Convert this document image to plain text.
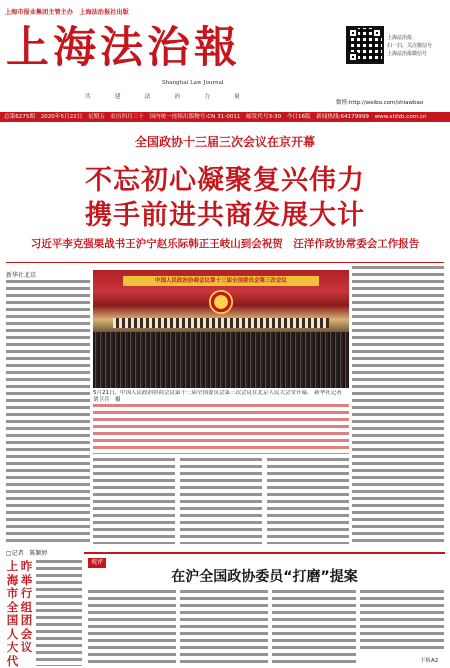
上海市报业集团主管主办　上海法治报社出版
上海法治報
Shanghai Law Journal
共建法治力量
上海法治报
扫一扫，关注微信号
上海法治报微信号
微博:http://weibo.com/shlawbao
总第6275期　2020年5月22日　星期五　农历四月三十　国内统一连续出版物号:CN 31-0011　邮发代号3-30　今日16版　新闻热线:64179999　www.shfzb.com.cn
全国政协十三届三次会议在京开幕
不忘初心凝聚复兴伟力
携手前进共商发展大计
习近平李克强栗战书王沪宁赵乐际韩正王岐山到会祝贺　汪洋作政协常委会工作报告
新华社北京
中国人民政治协商会议第十三届全国委员会第三次会议
5月21日，中国人民政治协商会议第十三届全国委员会第三次会议在北京人民大会堂开幕。 新华社记者　刘卫兵　摄
□记者　陈颖婷
上
海
市
全
国
人
大
代
昨
举
行
组
团
会
议
观评
在沪全国政协委员“打磨”提案
下转A2
